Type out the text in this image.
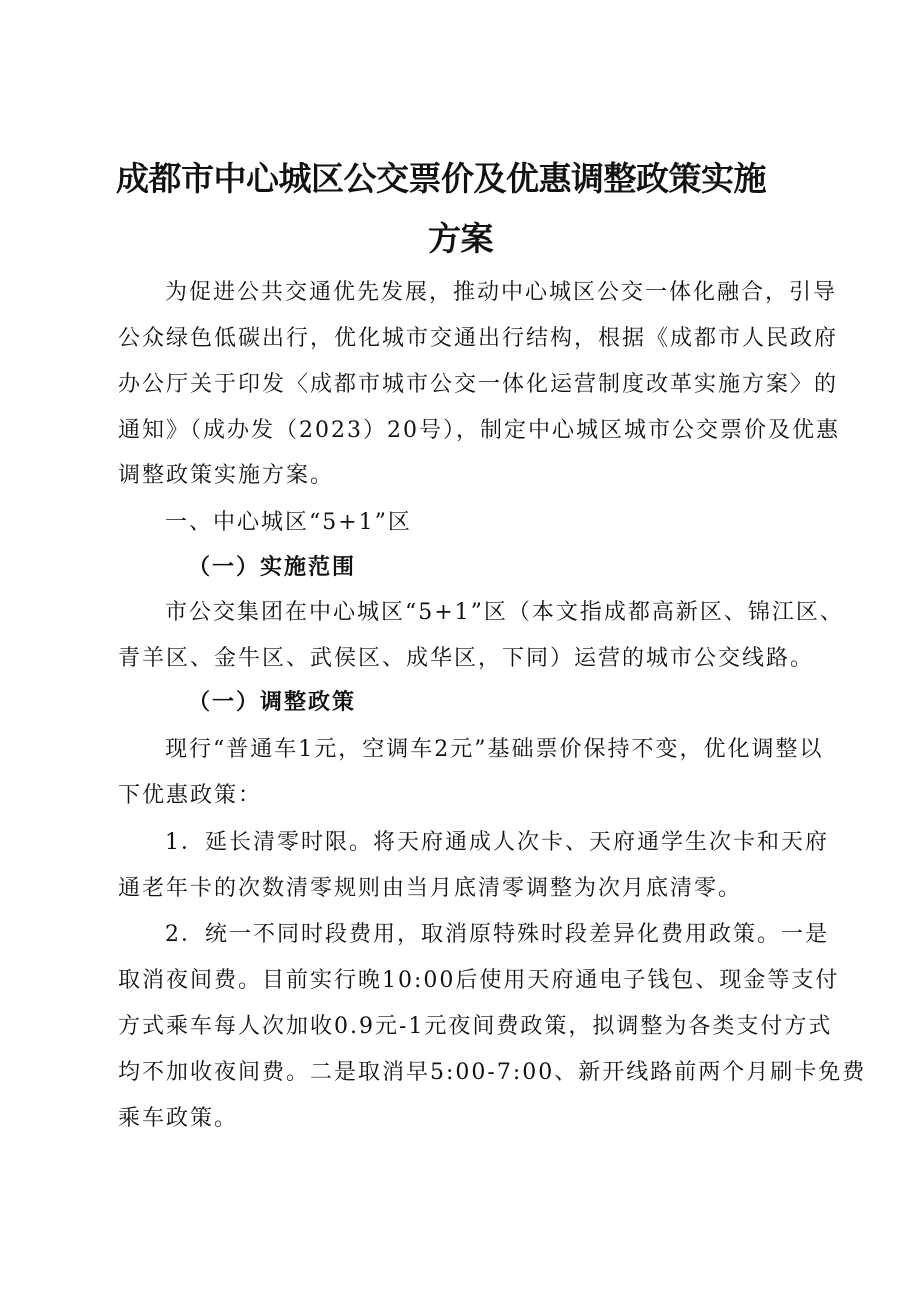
成都市中心城区公交票价及优惠调整政策实施
方案
为促进公共交通优先发展，推动中心城区公交一体化融合，引导
公众绿色低碳出行，优化城市交通出行结构，根据《成都市人民政府
办公厅关于印发〈成都市城市公交一体化运营制度改革实施方案〉的
通知》（成办发（2023）20号），制定中心城区城市公交票价及优惠
调整政策实施方案。
一、中心城区“5+1”区
（一）实施范围
市公交集团在中心城区“5+1”区（本文指成都高新区、锦江区、
青羊区、金牛区、武侯区、成华区，下同）运营的城市公交线路。
（一）调整政策
现行“普通车1元，空调车2元”基础票价保持不变，优化调整以
下优惠政策：
1．延长清零时限。将天府通成人次卡、天府通学生次卡和天府
通老年卡的次数清零规则由当月底清零调整为次月底清零。
2．统一不同时段费用，取消原特殊时段差异化费用政策。一是
取消夜间费。目前实行晚10:00后使用天府通电子钱包、现金等支付
方式乘车每人次加收0.9元-1元夜间费政策，拟调整为各类支付方式
均不加收夜间费。二是取消早5:00-7:00、新开线路前两个月刷卡免费
乘车政策。
